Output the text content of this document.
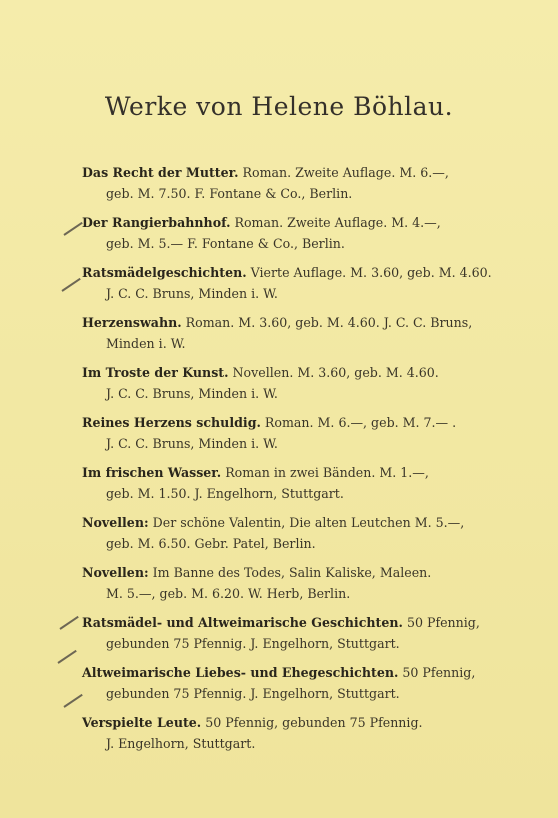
Werke von Helene Böhlau.
Das Recht der Mutter. Roman. Zweite Auflage. M. 6.—,
geb. M. 7.50. F. Fontane & Co., Berlin.
Der Rangierbahnhof. Roman. Zweite Auflage. M. 4.—,
geb. M. 5.— F. Fontane & Co., Berlin.
Ratsmädelgeschichten. Vierte Auflage. M. 3.60, geb. M. 4.60.
J. C. C. Bruns, Minden i. W.
Herzenswahn. Roman. M. 3.60, geb. M. 4.60. J. C. C. Bruns,
Minden i. W.
Im Troste der Kunst. Novellen. M. 3.60, geb. M. 4.60.
J. C. C. Bruns, Minden i. W.
Reines Herzens schuldig. Roman. M. 6.—, geb. M. 7.— .
J. C. C. Bruns, Minden i. W.
Im frischen Wasser. Roman in zwei Bänden. M. 1.—,
geb. M. 1.50. J. Engelhorn, Stuttgart.
Novellen: Der schöne Valentin, Die alten Leutchen M. 5.—,
geb. M. 6.50. Gebr. Patel, Berlin.
Novellen: Im Banne des Todes, Salin Kaliske, Maleen.
M. 5.—, geb. M. 6.20. W. Herb, Berlin.
Ratsmädel- und Altweimarische Geschichten. 50 Pfennig,
gebunden 75 Pfennig. J. Engelhorn, Stuttgart.
Altweimarische Liebes- und Ehegeschichten. 50 Pfennig,
gebunden 75 Pfennig. J. Engelhorn, Stuttgart.
Verspielte Leute. 50 Pfennig, gebunden 75 Pfennig.
J. Engelhorn, Stuttgart.
